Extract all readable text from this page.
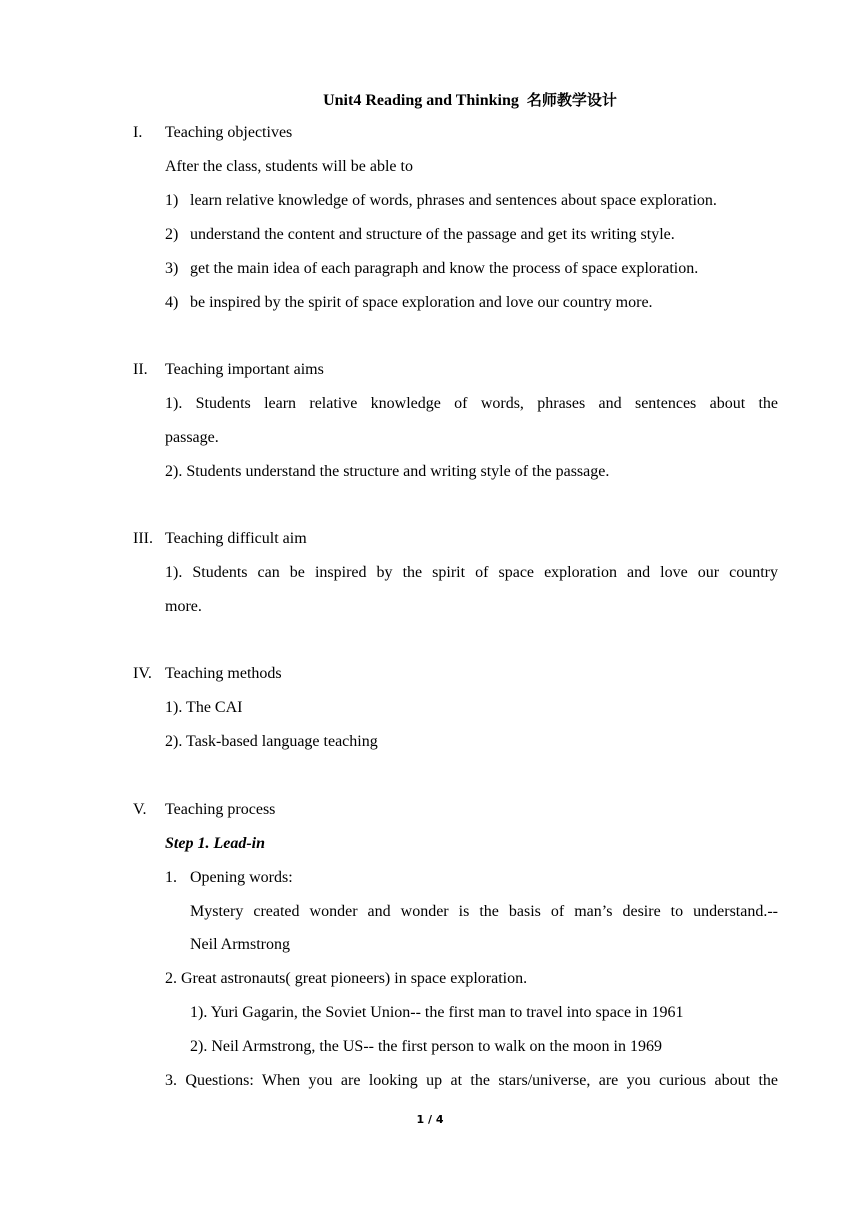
Unit4 Reading and Thinking 名师教学设计
I. Teaching objectives
After the class, students will be able to
1) learn relative knowledge of words, phrases and sentences about space exploration.
2) understand the content and structure of the passage and get its writing style.
3) get the main idea of each paragraph and know the process of space exploration.
4) be inspired by the spirit of space exploration and love our country more.
II. Teaching important aims
1). Students learn relative knowledge of words, phrases and sentences about the
passage.
2). Students understand the structure and writing style of the passage.
III. Teaching difficult aim
1). Students can be inspired by the spirit of space exploration and love our country
more.
IV. Teaching methods
1). The CAI
2). Task-based language teaching
V. Teaching process
Step 1. Lead-in
1. Opening words:
Mystery created wonder and wonder is the basis of man’s desire to understand.--
Neil Armstrong
2. Great astronauts( great pioneers) in space exploration.
1). Yuri Gagarin, the Soviet Union-- the first man to travel into space in 1961
2). Neil Armstrong, the US-- the first person to walk on the moon in 1969
3. Questions: When you are looking up at the stars/universe, are you curious about the
1 / 4
